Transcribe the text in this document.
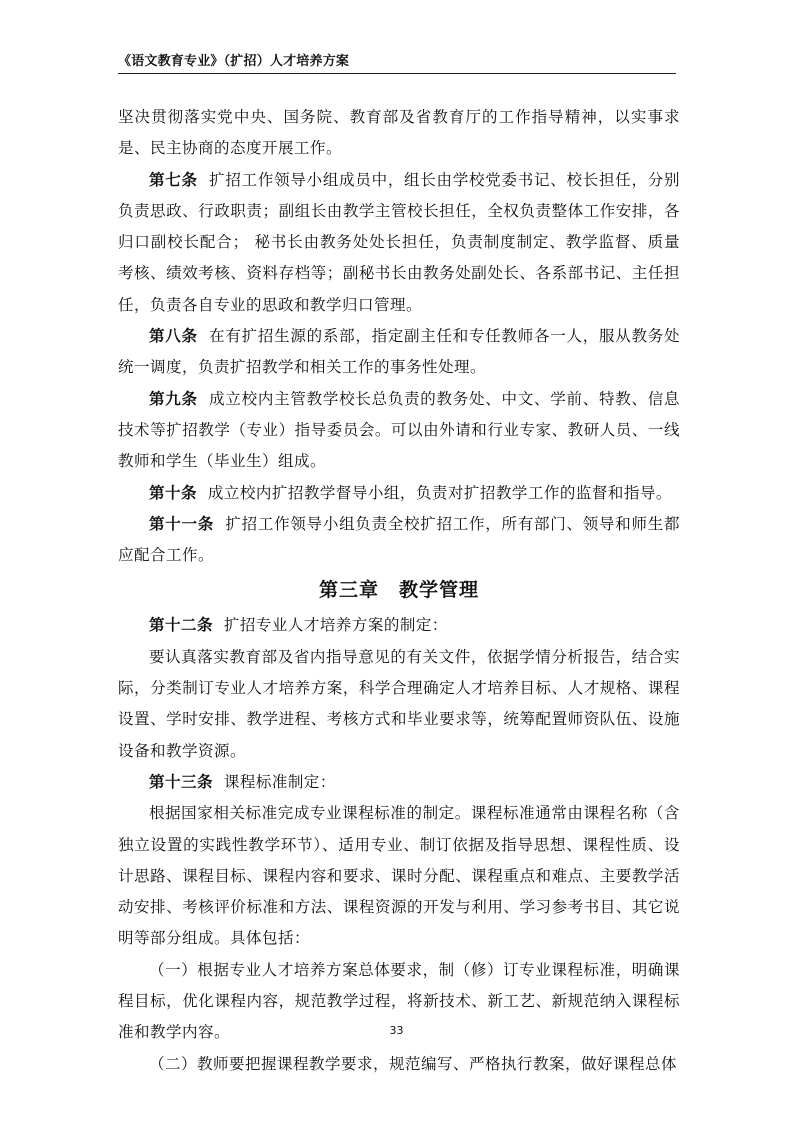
《语文教育专业》（扩招）人才培养方案

坚决贯彻落实党中央、国务院、教育部及省教育厅的工作指导精神，以实事求是、民主协商的态度开展工作。

第七条 扩招工作领导小组成员中，组长由学校党委书记、校长担任，分别负责思政、行政职责；副组长由教学主管校长担任，全权负责整体工作安排，各归口副校长配合； 秘书长由教务处处长担任，负责制度制定、教学监督、质量考核、绩效考核、资料存档等；副秘书长由教务处副处长、各系部书记、主任担任，负责各自专业的思政和教学归口管理。

第八条 在有扩招生源的系部，指定副主任和专任教师各一人，服从教务处统一调度，负责扩招教学和相关工作的事务性处理。

第九条 成立校内主管教学校长总负责的教务处、中文、学前、特教、信息技术等扩招教学（专业）指导委员会。可以由外请和行业专家、教研人员、一线教师和学生（毕业生）组成。

第十条 成立校内扩招教学督导小组，负责对扩招教学工作的监督和指导。

第十一条 扩招工作领导小组负责全校扩招工作，所有部门、领导和师生都应配合工作。

第三章　教学管理

第十二条 扩招专业人才培养方案的制定：

要认真落实教育部及省内指导意见的有关文件，依据学情分析报告，结合实际，分类制订专业人才培养方案，科学合理确定人才培养目标、人才规格、课程设置、学时安排、教学进程、考核方式和毕业要求等，统筹配置师资队伍、设施设备和教学资源。

第十三条 课程标准制定：

根据国家相关标准完成专业课程标准的制定。课程标准通常由课程名称（含独立设置的实践性教学环节）、适用专业、制订依据及指导思想、课程性质、设计思路、课程目标、课程内容和要求、课时分配、课程重点和难点、主要教学活动安排、考核评价标准和方法、课程资源的开发与利用、学习参考书目、其它说明等部分组成。具体包括：

（一）根据专业人才培养方案总体要求，制（修）订专业课程标准，明确课程目标，优化课程内容，规范教学过程，将新技术、新工艺、新规范纳入课程标准和教学内容。

（二）教师要把握课程教学要求，规范编写、严格执行教案，做好课程总体

33
